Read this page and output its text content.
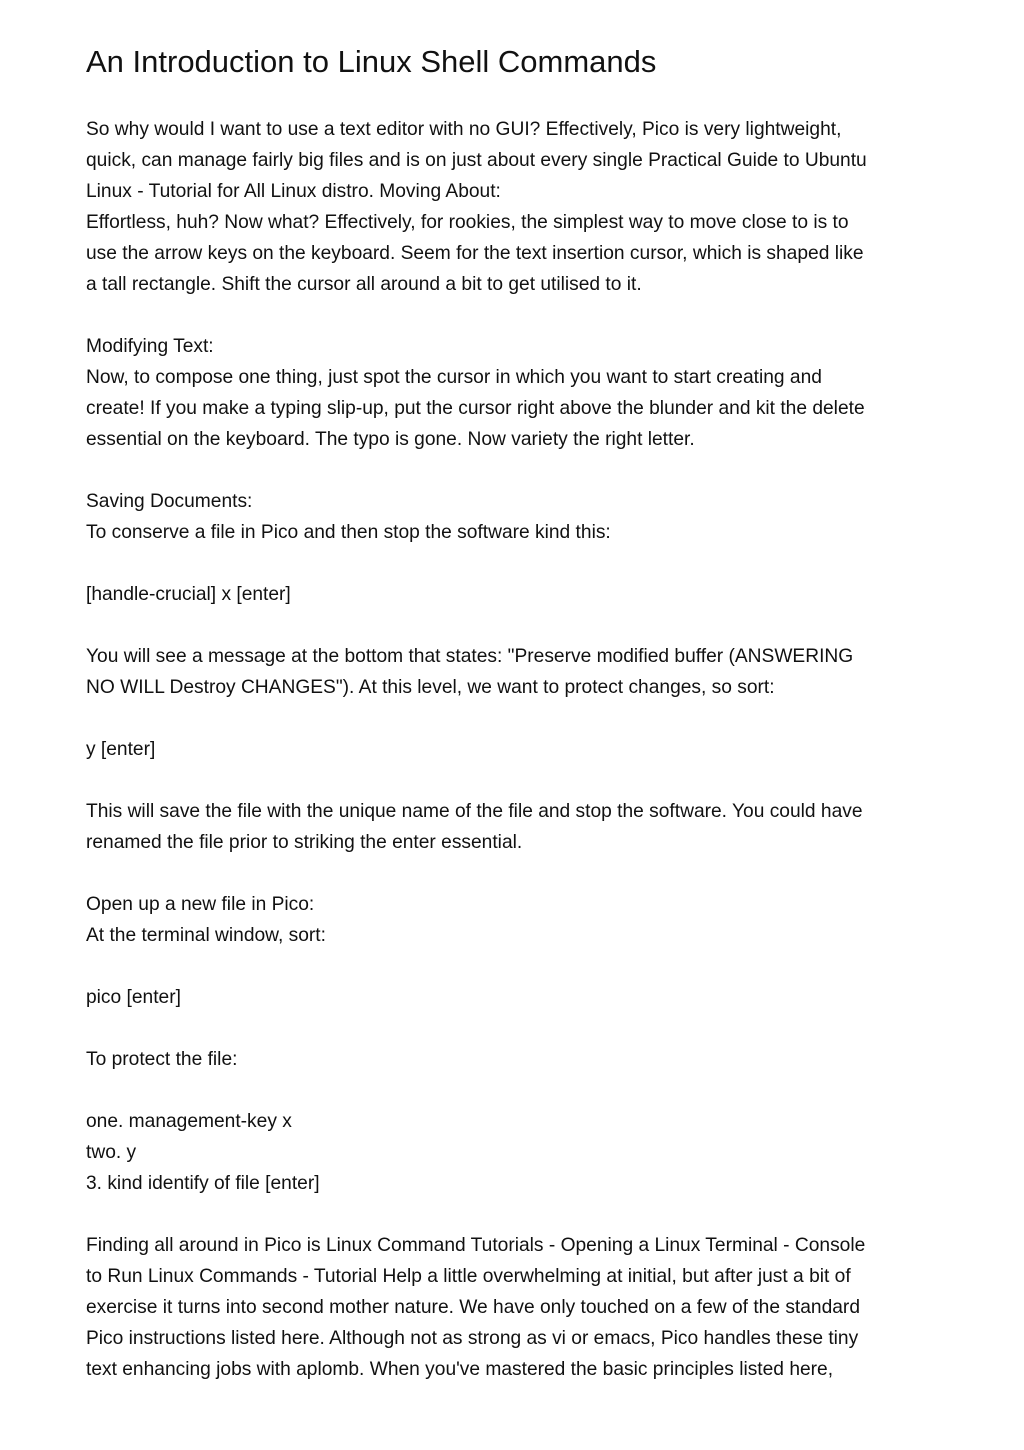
An Introduction to Linux Shell Commands

So why would I want to use a text editor with no GUI? Effectively, Pico is very lightweight,

quick, can manage fairly big files and is on just about every single Practical Guide to Ubuntu

Linux - Tutorial for All Linux distro. Moving About:

Effortless, huh? Now what? Effectively, for rookies, the simplest way to move close to is to

use the arrow keys on the keyboard. Seem for the text insertion cursor, which is shaped like

a tall rectangle. Shift the cursor all around a bit to get utilised to it.

Modifying Text:

Now, to compose one thing, just spot the cursor in which you want to start creating and

create! If you make a typing slip-up, put the cursor right above the blunder and kit the delete

essential on the keyboard. The typo is gone. Now variety the right letter.

Saving Documents:

To conserve a file in Pico and then stop the software kind this:

[handle-crucial] x [enter]

You will see a message at the bottom that states: "Preserve modified buffer (ANSWERING

NO WILL Destroy CHANGES"). At this level, we want to protect changes, so sort:

y [enter]

This will save the file with the unique name of the file and stop the software. You could have

renamed the file prior to striking the enter essential.

Open up a new file in Pico:

At the terminal window, sort:

pico [enter]

To protect the file:

one. management-key x

two. y

3. kind identify of file [enter]

Finding all around in Pico is Linux Command Tutorials - Opening a Linux Terminal - Console

to Run Linux Commands - Tutorial Help a little overwhelming at initial, but after just a bit of

exercise it turns into second mother nature. We have only touched on a few of the standard

Pico instructions listed here. Although not as strong as vi or emacs, Pico handles these tiny

text enhancing jobs with aplomb. When you've mastered the basic principles listed here,
